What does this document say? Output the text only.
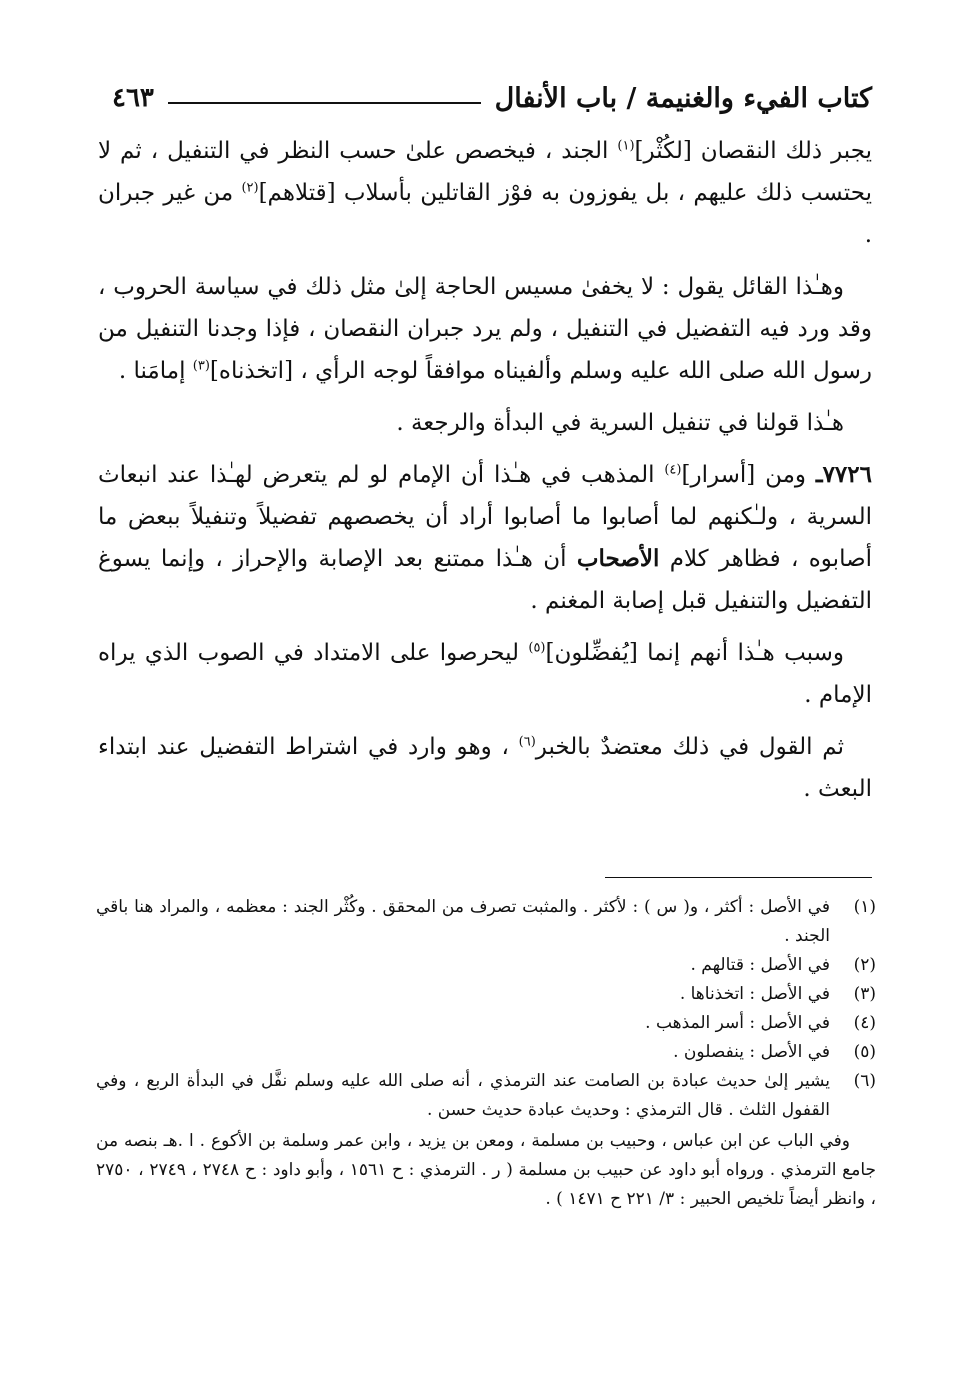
كتاب الفيء والغنيمة / باب الأنفال
٤٦٣

يجبر ذلك النقصان [لكُثْر]$^{(١)}$ الجند ، فيخصص علىٰ حسب النظر في التنفيل ، ثم لا يحتسب ذلك عليهم ، بل يفوزون به فوْز القاتلين بأسلاب [قتلاهم]$^{(٢)}$ من غير جبران .

وهـٰذا القائل يقول : لا يخفىٰ مسيس الحاجة إلىٰ مثل ذلك في سياسة الحروب ، وقد ورد فيه التفضيل في التنفيل ، ولم يرد جبران النقصان ، فإذا وجدنا التنفيل من رسول الله صلى الله عليه وسلم وألفيناه موافقاً لوجه الرأي ، [اتخذناه]$^{(٣)}$ إمامَنا .

هـٰذا قولنا في تنفيل السرية في البدأة والرجعة .

٧٧٢٦ـ ومن [أسرار]$^{(٤)}$ المذهب في هـٰذا أن الإمام لو لم يتعرض لهـٰذا عند انبعاث السرية ، ولـٰكنهم لما أصابوا ما أصابوا أراد أن يخصصهم تفضيلاً وتنفيلاً ببعض ما أصابوه ، فظاهر كلام الأصحاب أن هـٰذا ممتنع بعد الإصابة والإحراز ، وإنما يسوغ التفضيل والتنفيل قبل إصابة المغنم .

وسبب هـٰذا أنهم إنما [يُفضِّلون]$^{(٥)}$ ليحرصوا على الامتداد في الصوب الذي يراه الإمام .

ثم القول في ذلك معتضدٌ بالخبر$^{(٦)}$ ، وهو وارد في اشتراط التفضيل عند ابتداء البعث .

(١)
في الأصل : أكثر ، و( س ) : لأكثر . والمثبت تصرف من المحقق . وكُثْر الجند : معظمه ، والمراد هنا باقي الجند .
(٢)
في الأصل : قتالهم .
(٣)
في الأصل : اتخذناها .
(٤)
في الأصل : أسر المذهب .
(٥)
في الأصل : ينفصلون .
(٦)
يشير إلىٰ حديث عبادة بن الصامت عند الترمذي ، أنه صلى الله عليه وسلم نفَّل في البدأة الربع ، وفي القفول الثلث . قال الترمذي : وحديث عبادة حديث حسن .
وفي الباب عن ابن عباس ، وحبيب بن مسلمة ، ومعن بن يزيد ، وابن عمر وسلمة بن الأكوع . ا .هـ بنصه من جامع الترمذي . ورواه أبو داود عن حبيب بن مسلمة ( ر . الترمذي : ح ١٥٦١ ، وأبو داود : ح ٢٧٤٨ ، ٢٧٤٩ ، ٢٧٥٠ ، وانظر أيضاً تلخيص الحبير : ٣/ ٢٢١ ح ١٤٧١ ) .
